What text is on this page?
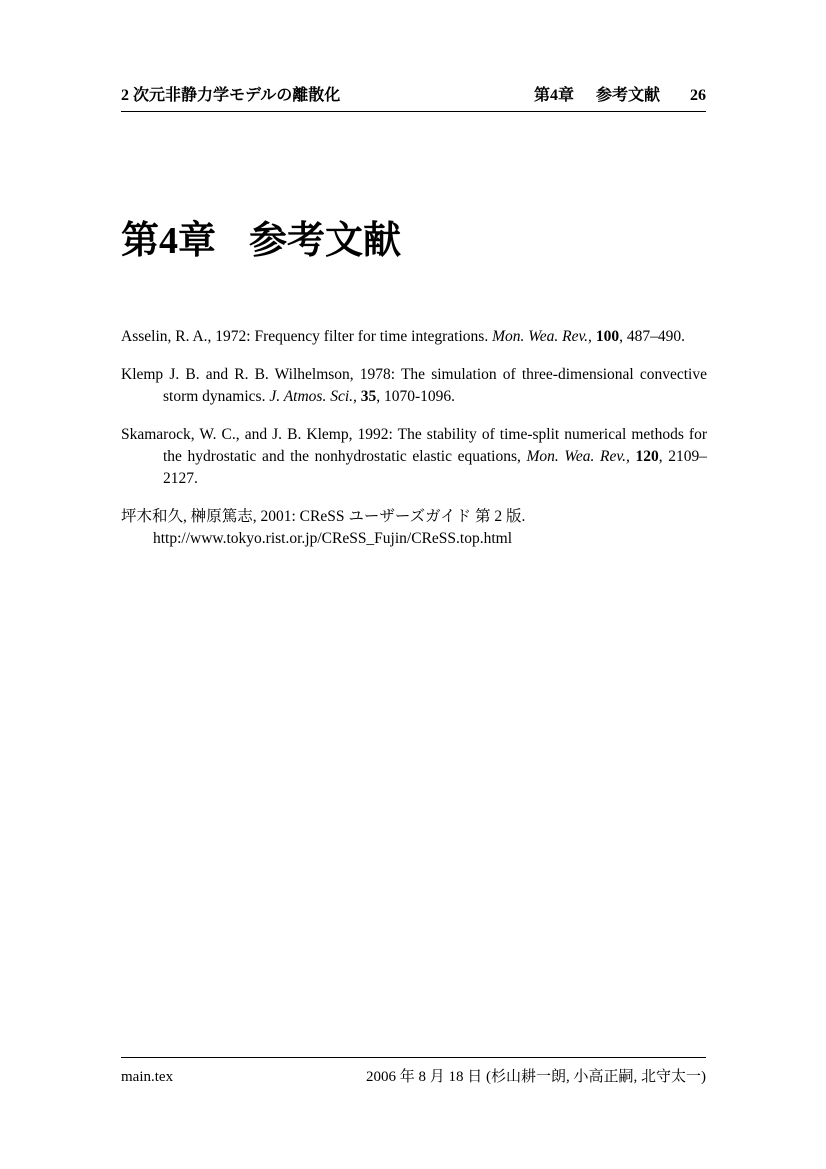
2 次元非静力学モデルの離散化	第4章 参考文献 26
第4章 参考文献

Asselin, R. A., 1972: Frequency filter for time integrations. Mon. Wea. Rev., 100, 487–490.

Klemp J. B. and R. B. Wilhelmson, 1978: The simulation of three-dimensional convective storm dynamics. J. Atmos. Sci., 35, 1070-1096.

Skamarock, W. C., and J. B. Klemp, 1992: The stability of time-split numerical methods for the hydrostatic and the nonhydrostatic elastic equations, Mon. Wea. Rev., 120, 2109–2127.

坪木和久, 榊原篤志, 2001: CReSS ユーザーズガイド 第 2 版.
http://www.tokyo.rist.or.jp/CReSS_Fujin/CReSS.top.html

main.tex	2006 年 8 月 18 日 (杉山耕一朗, 小高正嗣, 北守太一)
